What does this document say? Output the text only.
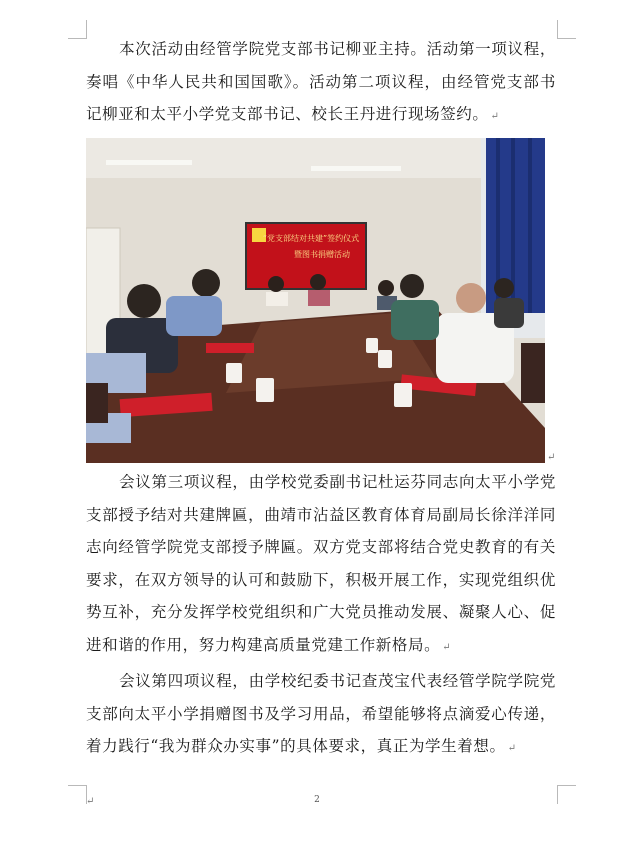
本次活动由经管学院党支部书记柳亚主持。活动第一项议程，奏唱《中华人民共和国国歌》。活动第二项议程，由经管党支部书记柳亚和太平小学党支部书记、校长王丹进行现场签约。 ↵

“党支部结对共建”签约仪式
暨图书捐赠活动
↵

会议第三项议程，由学校党委副书记杜运芬同志向太平小学党支部授予结对共建牌匾，曲靖市沾益区教育体育局副局长徐洋洋同志向经管学院党支部授予牌匾。双方党支部将结合党史教育的有关要求，在双方领导的认可和鼓励下，积极开展工作，实现党组织优势互补，充分发挥学校党组织和广大党员推动发展、凝聚人心、促进和谐的作用，努力构建高质量党建工作新格局。 ↵

会议第四项议程，由学校纪委书记查茂宝代表经管学院学院党支部向太平小学捐赠图书及学习用品，希望能够将点滴爱心传递，着力践行“我为群众办实事”的具体要求，真正为学生着想。 ↵

↵	2
